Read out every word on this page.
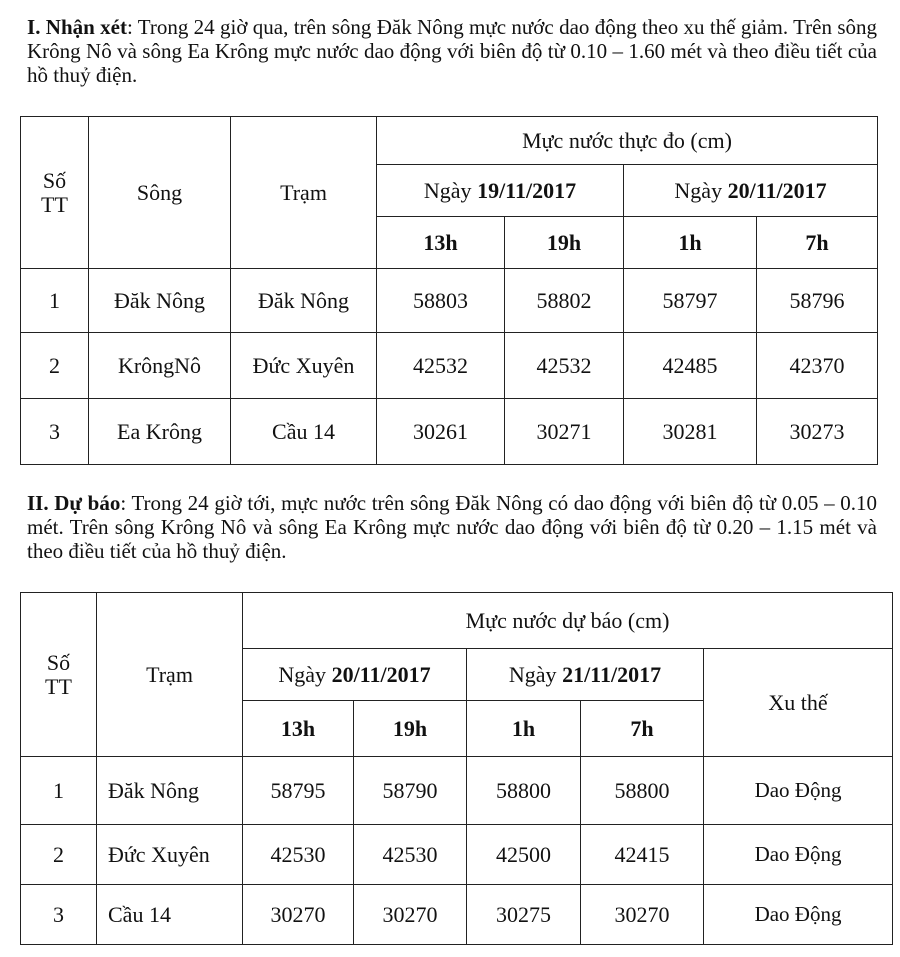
I. Nhận xét: Trong 24 giờ qua, trên sông Đăk Nông mực nước dao động theo xu thế giảm. Trên sông Krông Nô và sông Ea Krông mực nước dao động với biên độ từ 0.10 – 1.60 mét và theo điều tiết của hồ thuỷ điện.

Số TT	Sông	Trạm	Mực nước thực đo (cm)			
			Ngày 19/11/2017		Ngày 20/11/2017	
			13h	19h	1h	7h
1	Đăk Nông	Đăk Nông	58803	58802	58797	58796
2	KrôngNô	Đức Xuyên	42532	42532	42485	42370
3	Ea Krông	Cầu 14	30261	30271	30281	30273

II. Dự báo: Trong 24 giờ tới, mực nước trên sông Đăk Nông có dao động với biên độ từ 0.05 – 0.10 mét. Trên sông Krông Nô và sông Ea Krông mực nước dao động với biên độ từ 0.20 – 1.15 mét và theo điều tiết của hồ thuỷ điện.

Số TT	Trạm	Mực nước dự báo (cm)				
		Ngày 20/11/2017		Ngày 21/11/2017		Xu thế
		13h	19h	1h	7h	
1	Đăk Nông	58795	58790	58800	58800	Dao Động
2	Đức Xuyên	42530	42530	42500	42415	Dao Động
3	Cầu 14	30270	30270	30275	30270	Dao Động
